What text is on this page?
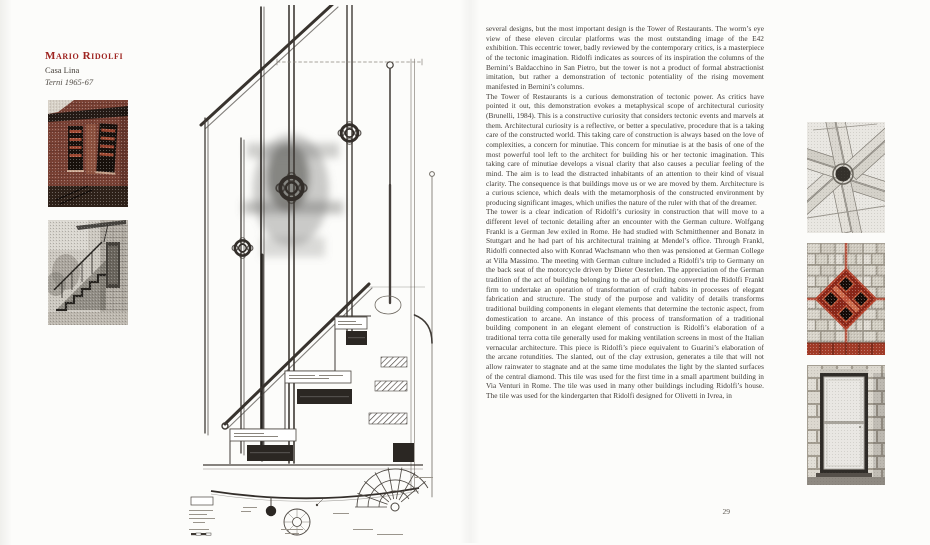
Mario Ridolfi

Casa Lina

Terni 1965-67

several designs, but the most important design is the Tower of Restaurants. The worm’s eye view of these eleven circular platforms was the most outstanding image of the E42 exhibition. This eccentric tower, badly reviewed by the contemporary critics, is a masterpiece of the tectonic imagination. Ridolfi indicates as sources of its inspiration the columns of the Bernini’s Baldacchino in San Pietro, but the tower is not a product of formal abstractionist imitation, but rather a demonstration of tectonic potentiality of the rising movement manifested in Bernini’s columns.

The Tower of Restaurants is a curious demonstration of tectonic power. As critics have pointed it out, this demonstration evokes a metaphysical scope of architectural curiosity (Brunelli, 1984). This is a constructive curiosity that considers tectonic events and marvels at them. Architectural curiosity is a reflective, or better a speculative, procedure that is a taking care of the constructed world. This taking care of construction is always based on the love of complexities, a concern for minutiae. This concern for minutiae is at the basis of one of the most powerful tool left to the architect for building his or her tectonic imagination. This taking care of minutiae develops a visual clarity that also causes a peculiar feeling of the mind. The aim is to lead the distracted inhabitants of an attention to their kind of visual clarity. The consequence is that buildings move us or we are moved by them. Architecture is a curious science, which deals with the metamorphosis of the constructed environment by producing significant images, which unifies the nature of the ruler with that of the dreamer.

The tower is a clear indication of Ridolfi’s curiosity in construction that will move to a different level of tectonic detailing after an encounter with the German culture. Wolfgang Frankl is a German Jew exiled in Rome. He had studied with Schmitthenner and Bonatz in Stuttgart and he had part of his architectural training at Mendel’s office. Through Frankl, Ridolfi connected also with Konrad Wachsmann who then was pensioned at German College at Villa Massimo. The meeting with German culture included a Ridolfi’s trip to Germany on the back seat of the motorcycle driven by Dieter Oesterlen. The appreciation of the German tradition of the act of building belonging to the art of building converted the Ridolfi Frankl firm to undertake an operation of transformation of craft habits in processes of elegant fabrication and structure. The study of the purpose and validity of details transforms traditional building components in elegant elements that determine the tectonic aspect, from domestication to arcane. An instance of this process of transformation of a traditional building component in an elegant element of construction is Ridolfi’s elaboration of a traditional terra cotta tile generally used for making ventilation screens in most of the Italian vernacular architecture. This piece is Ridolfi’s piece equivalent to Guarini’s elaboration of the arcane rotundities. The slanted, out of the clay extrusion, generates a tile that will not allow rainwater to stagnate and at the same time modulates the light by the slanted surfaces of the central diamond. This tile was used for the first time in a small apartment building in Via Venturi in Rome. The tile was used in many other buildings including Ridolfi’s house. The tile was used for the kindergarten that Ridolfi designed for Olivetti in Ivrea, in

29
